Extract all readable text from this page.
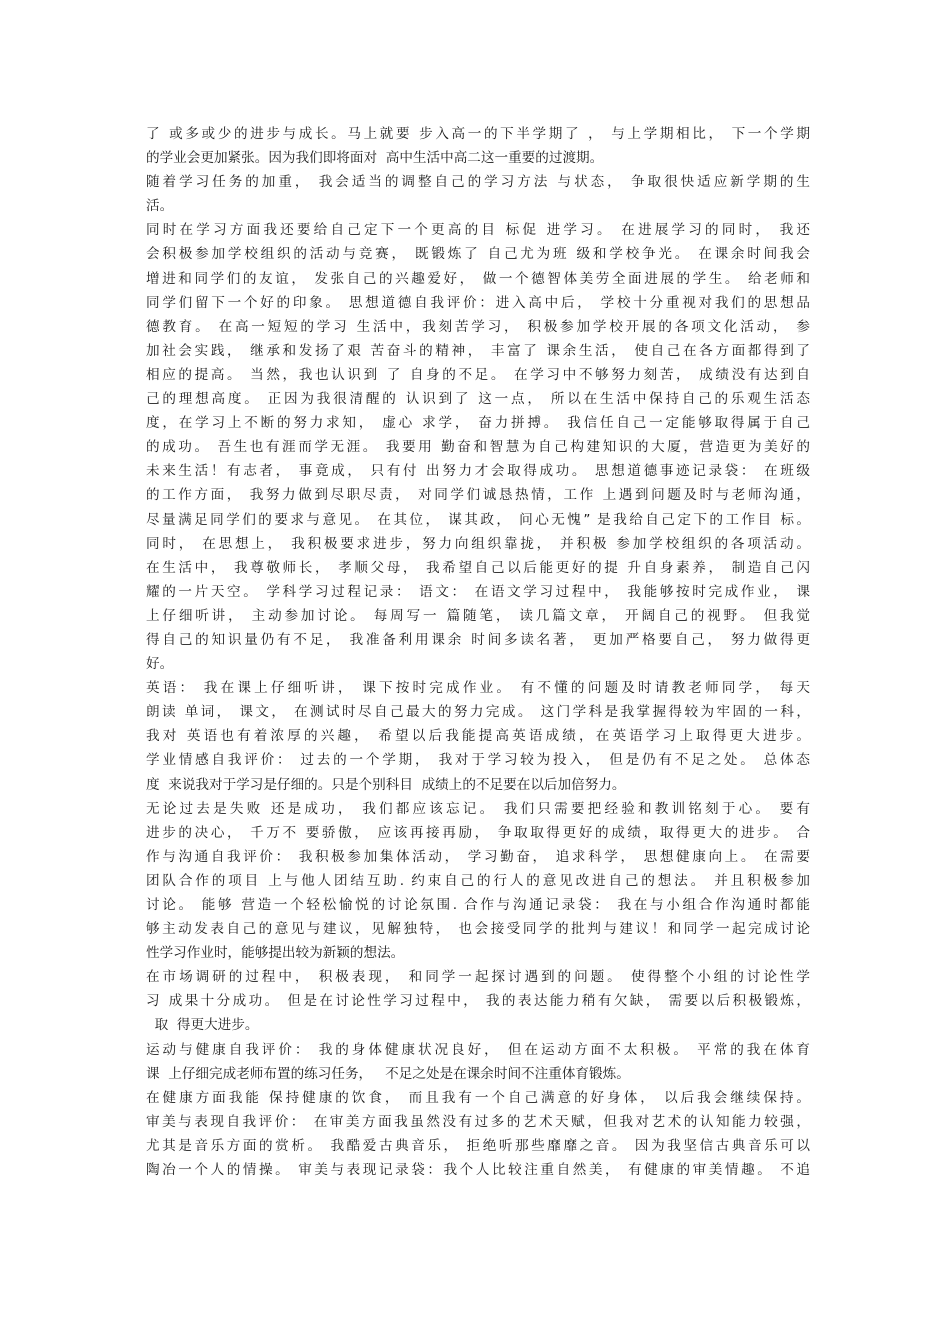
了 或多或少的进步与成长。马上就要 步入高一的下半学期了 ， 与上学期相比， 下一个学期
的学业会更加紧张。因为我们即将面对  高中生活中高二这一重要的过渡期。
随着学习任务的加重， 我会适当的调整自己的学习方法 与状态， 争取很快适应新学期的生
活。
同时在学习方面我还要给自己定下一个更高的目 标促 进学习。 在进展学习的同时， 我还
会积极参加学校组织的活动与竞赛， 既锻炼了 自己尤为班 级和学校争光。 在课余时间我会
增进和同学们的友谊， 发张自己的兴趣爱好， 做一个德智体美劳全面进展的学生。 给老师和
同学们留下一个好的印象。 思想道德自我评价：进入高中后， 学校十分重视对我们的思想品
德教育。 在高一短短的学习 生活中，我刻苦学习， 积极参加学校开展的各项文化活动， 参
加社会实践， 继承和发扬了艰 苦奋斗的精神， 丰富了 课余生活， 使自己在各方面都得到了
相应的提高。 当然，我也认识到 了 自身的不足。 在学习中不够努力刻苦， 成绩没有达到自
己的理想高度。 正因为我很清醒的 认识到了 这一点， 所以在生活中保持自己的乐观生活态
度，在学习上不断的努力求知， 虚心 求学， 奋力拼搏。 我信任自己一定能够取得属于自己
的成功。 吾生也有涯而学无涯。 我要用 勤奋和智慧为自己构建知识的大厦，营造更为美好的
未来生活！有志者， 事竟成， 只有付 出努力才会取得成功。 思想道德事迹记录袋： 在班级
的工作方面， 我努力做到尽职尽责， 对同学们诚恳热情，工作 上遇到问题及时与老师沟通，
尽量满足同学们的要求与意见。 在其位， 谋其政， 问心无愧” 是我给自己定下的工作目 标。
同时， 在思想上， 我积极要求进步，努力向组织靠拢， 并积极 参加学校组织的各项活动。
在生活中， 我尊敬师长， 孝顺父母， 我希望自己以后能更好的提 升自身素养， 制造自己闪
耀的一片天空。 学科学习过程记录： 语文： 在语文学习过程中， 我能够按时完成作业， 课
上仔细听讲， 主动参加讨论。 每周写一 篇随笔， 读几篇文章， 开阔自己的视野。 但我觉
得自己的知识量仍有不足， 我准备利用课余 时间多读名著， 更加严格要自己， 努力做得更
好。
英语： 我在课上仔细听讲， 课下按时完成作业。 有不懂的问题及时请教老师同学， 每天
朗读 单词， 课文， 在测试时尽自己最大的努力完成。 这门学科是我掌握得较为牢固的一科，
我对 英语也有着浓厚的兴趣， 希望以后我能提高英语成绩，在英语学习上取得更大进步。
学业情感自我评价： 过去的一个学期， 我对于学习较为投入， 但是仍有不足之处。 总体态
度  来说我对于学习是仔细的。只是个别科目  成绩上的不足要在以后加倍努力。
无论过去是失败 还是成功， 我们都应该忘记。 我们只需要把经验和教训铭刻于心。 要有
进步的决心， 千万不 要骄傲， 应该再接再励， 争取取得更好的成绩，取得更大的进步。 合
作与沟通自我评价： 我积极参加集体活动， 学习勤奋， 追求科学， 思想健康向上。 在需要
团队合作的项目 上与他人团结互助. 约束自己的行人的意见改进自己的想法。 并且积极参加
讨论。 能够 营造一个轻松愉悦的讨论氛围. 合作与沟通记录袋： 我在与小组合作沟通时都能
够主动发表自己的意见与建议，见解独特， 也会接受同学的批判与建议！和同学一起完成讨论
性学习作业时，能够提出较为新颖的想法。
在市场调研的过程中， 积极表现， 和同学一起探讨遇到的问题。 使得整个小组的讨论性学
习 成果十分成功。 但是在讨论性学习过程中， 我的表达能力稍有欠缺， 需要以后积极锻炼，
取  得更大进步。
运动与健康自我评价： 我的身体健康状况良好， 但在运动方面不太积极。 平常的我在体育
课  上仔细完成老师布置的练习任务，   不足之处是在课余时间不注重体育锻炼。
在健康方面我能 保持健康的饮食， 而且我有一个自己满意的好身体， 以后我会继续保持。
审美与表现自我评价： 在审美方面我虽然没有过多的艺术天赋，但我对艺术的认知能力较强，
尤其是音乐方面的赏析。 我酷爱古典音乐， 拒绝听那些靡靡之音。 因为我坚信古典音乐可以
陶冶一个人的情操。 审美与表现记录袋：我个人比较注重自然美， 有健康的审美情趣。 不追
